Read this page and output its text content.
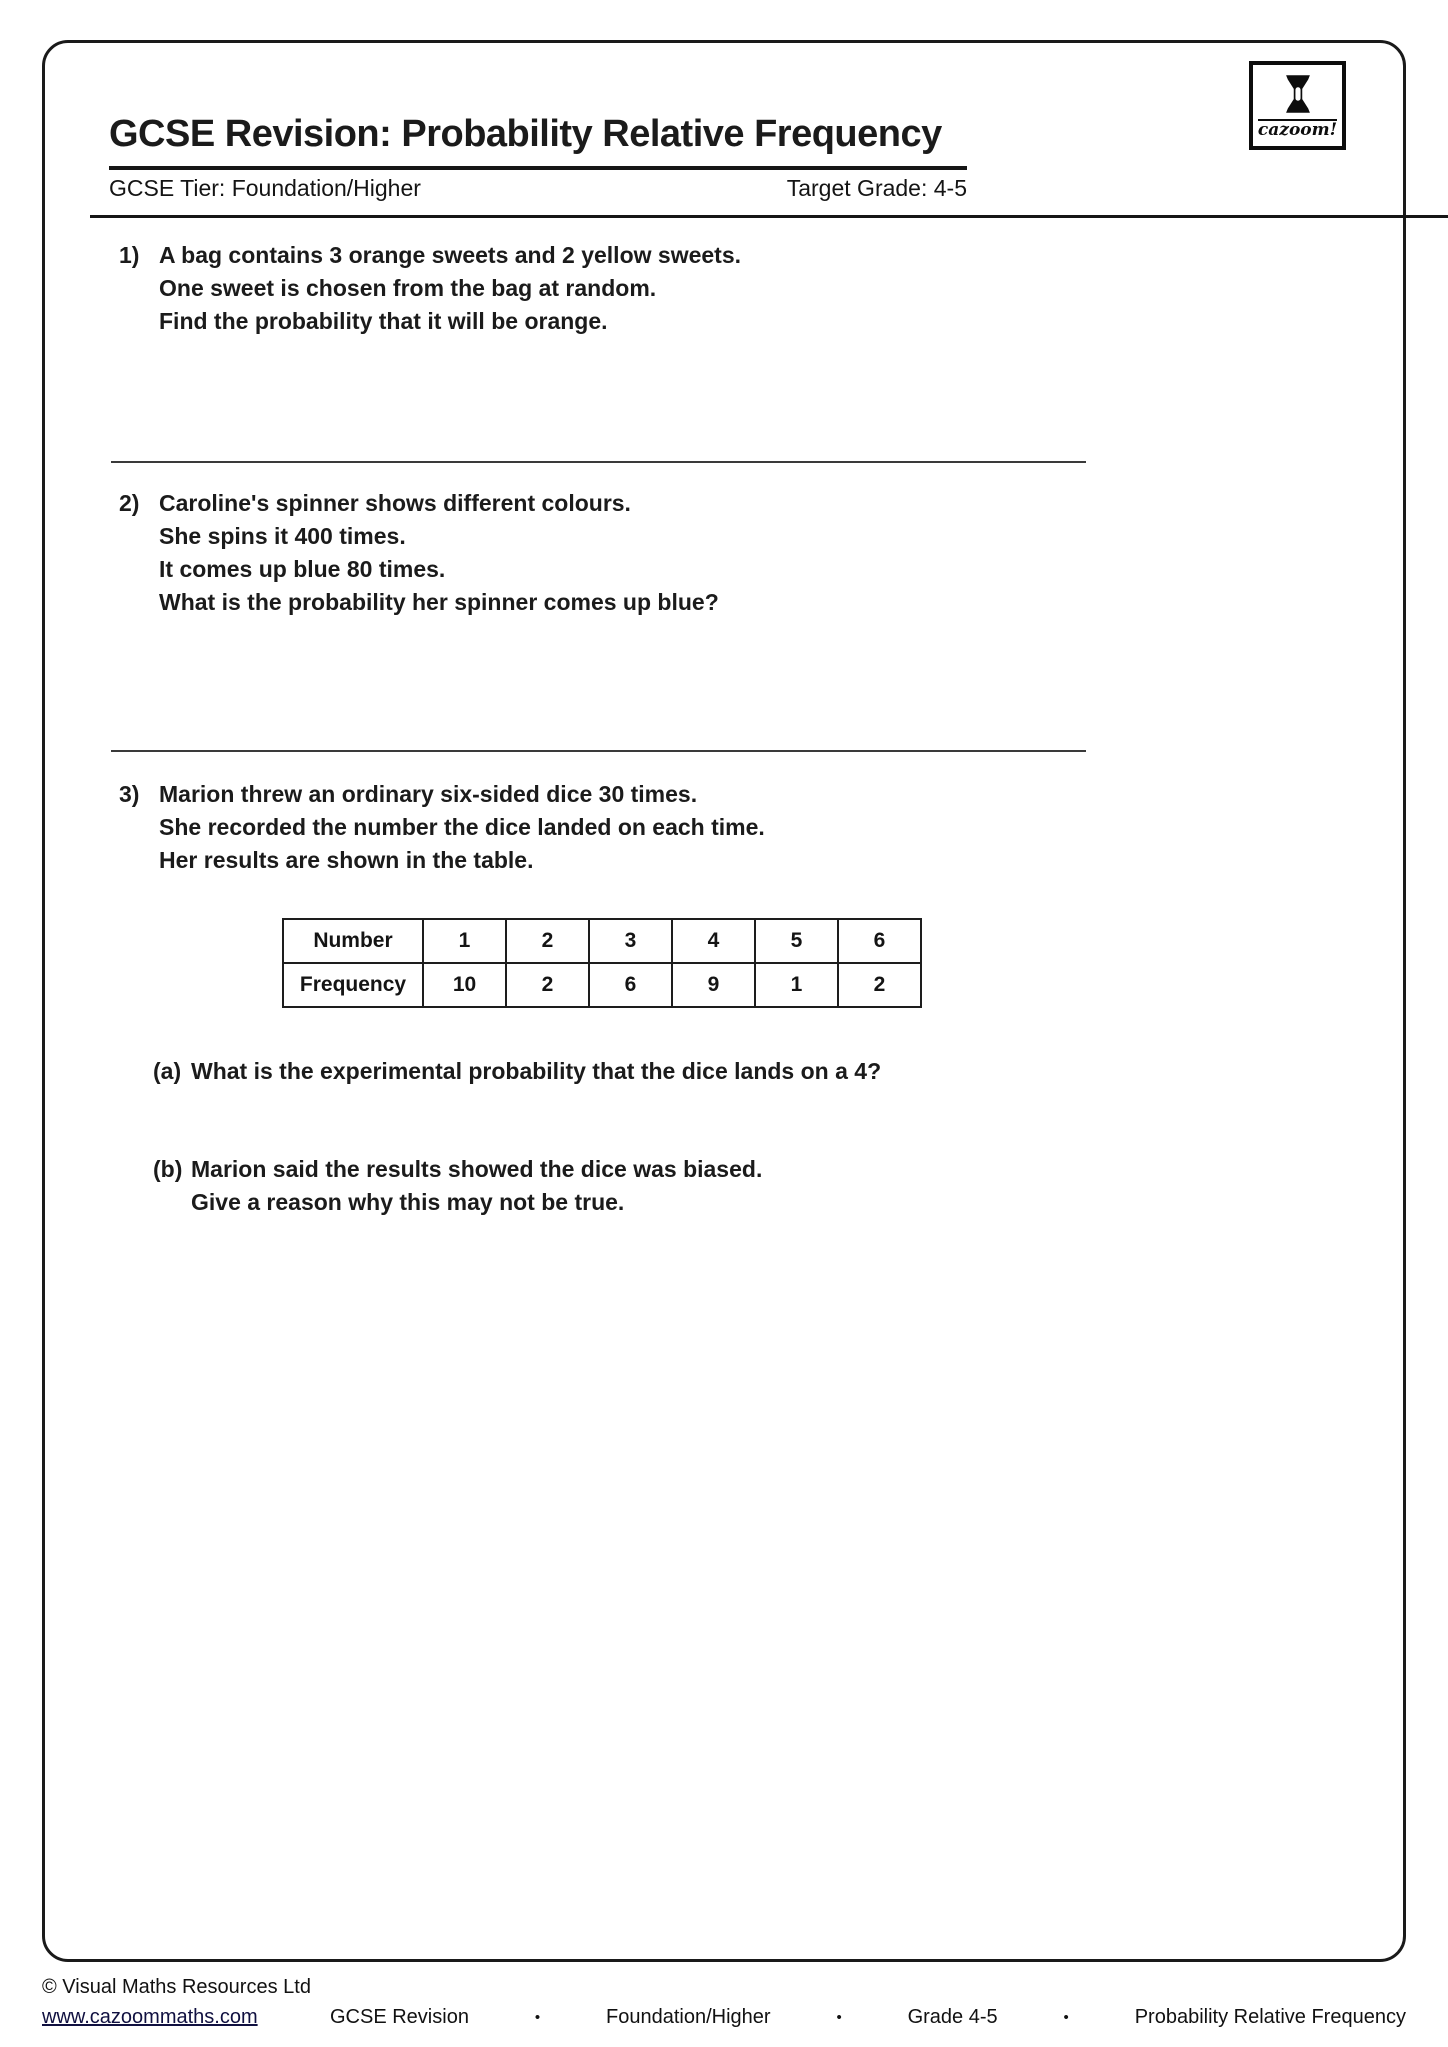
GCSE Revision: Probability Relative Frequency
GCSE Tier: Foundation/Higher	Target Grade: 4-5
cazoom!
1) A bag contains 3 orange sweets and 2 yellow sweets.
One sweet is chosen from the bag at random.
Find the probability that it will be orange.
2) Caroline's spinner shows different colours.
She spins it 400 times.
It comes up blue 80 times.
What is the probability her spinner comes up blue?
3) Marion threw an ordinary six-sided dice 30 times.
She recorded the number the dice landed on each time.
Her results are shown in the table.
Number	1	2	3	4	5	6
Frequency	10	2	6	9	1	2
(a) What is the experimental probability that the dice lands on a 4?
(b) Marion said the results showed the dice was biased.
Give a reason why this may not be true.
© Visual Maths Resources Ltd
www.cazoommaths.com	GCSE Revision	•	Foundation/Higher	•	Grade 4-5	•	Probability Relative Frequency
